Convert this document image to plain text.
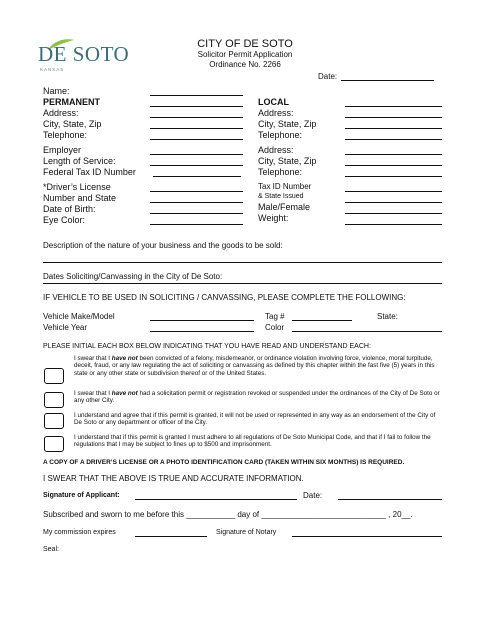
DE SOTO
KANSAS
CITY OF DE SOTO
Solicitor Permit Application
Ordinance No. 2266
Date:
Name:
PERMANENT
Address:
City, State, Zip
Telephone:
Employer
Length of Service:
Federal Tax ID Number
*Driver’s License
Number and State
Date of Birth:
Eye Color:
LOCAL
Address:
City, State, Zip
Telephone:
Address:
City, State, Zip
Telephone:
Tax ID Number
& State Issued
Male/Female
Weight:
Description of the nature of your business and the goods to be sold:
Dates Soliciting/Canvassing in the City of De Soto:
IF VEHICLE TO BE USED IN SOLICITING / CANVASSING, PLEASE COMPLETE THE FOLLOWING:
Vehicle Make/Model
Vehicle Year
Tag #
Color
State:
PLEASE INITIAL EACH BOX BELOW INDICATING THAT YOU HAVE READ AND UNDERSTAND EACH:
I swear that I have not been convicted of a felony, misdemeanor, or ordinance violation involving force, violence, moral turpitude, deceit, fraud, or any law regulating the act of soliciting or canvassing as defined by this chapter within the fast five (5) years in this state or any other state or subdivision thereof or of the United States.
I swear that I have not had a solicitation permit or registration revoked or suspended under the ordinances of the City of De Soto or any other City.
I understand and agree that if this permit is granted, it will not be used or represented in any way as an endorsement of the City of De Soto or any department or officer of the City.
I understand that if this permit is granted I must adhere to all regulations of De Soto Municipal Code, and that if I fail to follow the regulations that I may be subject to fines up to $500 and imprisonment.
A COPY OF A DRIVER’S LICENSE OR A PHOTO IDENTIFICATION CARD (TAKEN WITHIN SIX MONTHS) IS REQUIRED.
I SWEAR THAT THE ABOVE IS TRUE AND ACCURATE INFORMATION.
Signature of Applicant:	Date:
Subscribed and sworn to me before this ___________ day of ____________________________ , 20__.
My commission expires	Signature of Notary
Seal:
